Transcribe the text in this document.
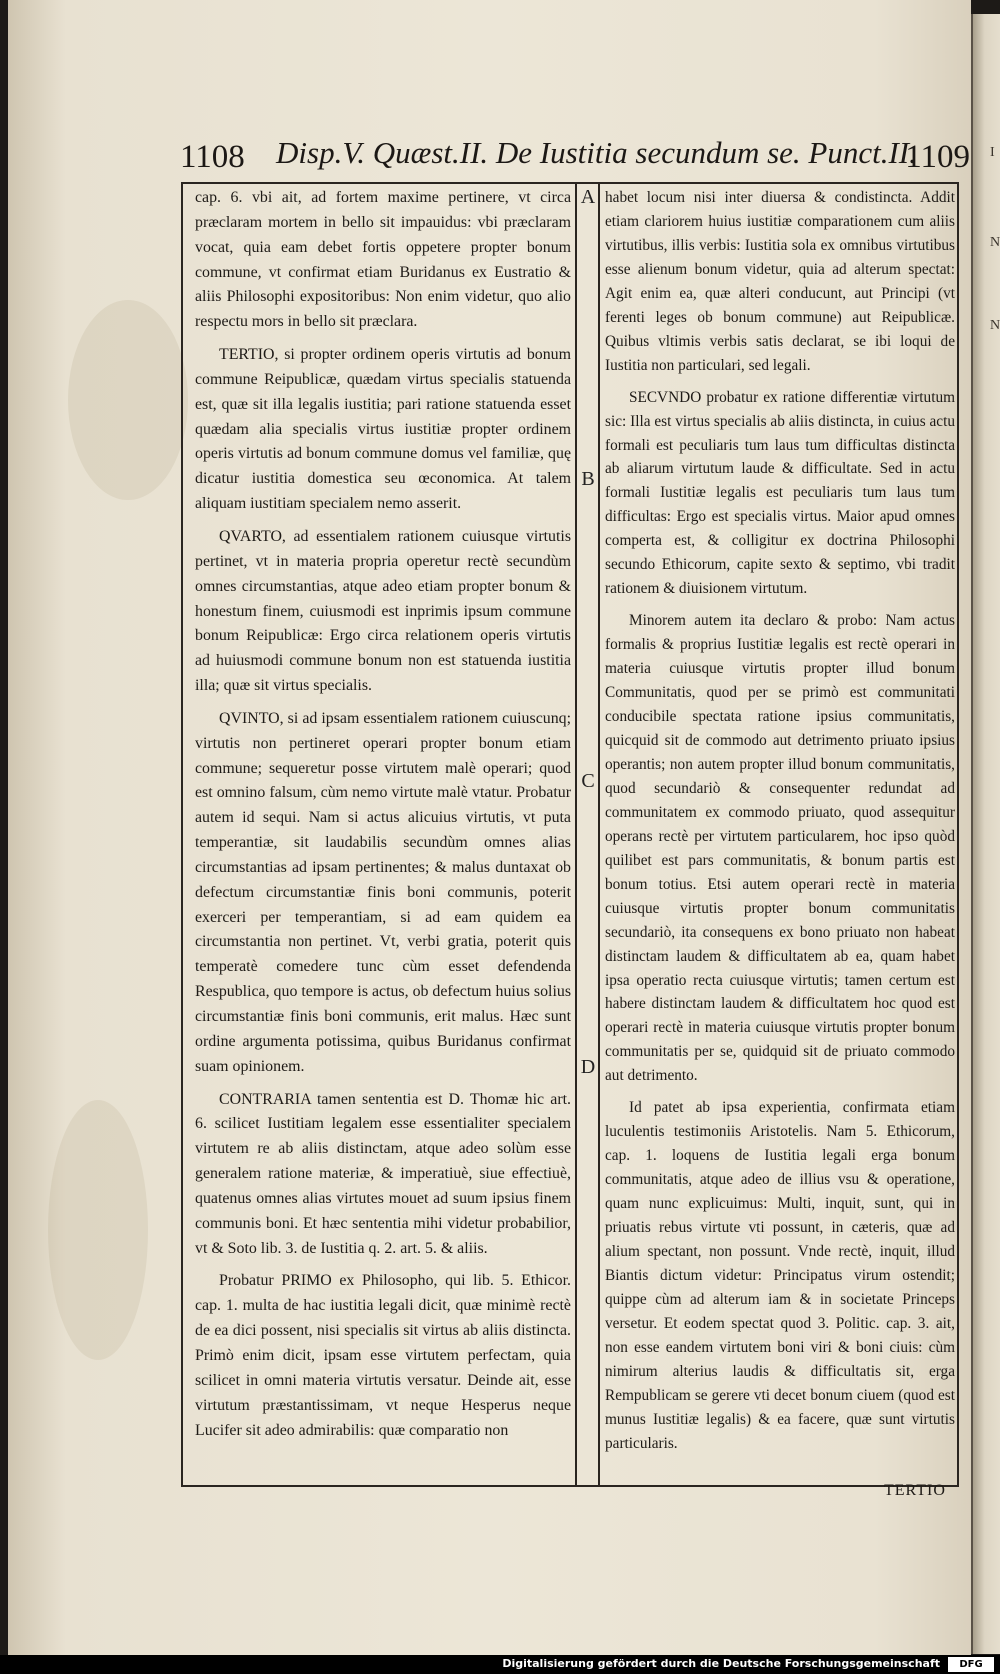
I
N
N
1108 Disp.V. Quæst.II. De Iustitia secundum se. Punct.II.
1109
A
B
C
D

cap. 6. vbi ait, ad fortem maxime pertinere, vt circa præclaram mortem in bello sit impauidus: vbi præclaram vocat, quia eam debet fortis oppetere propter bonum commune, vt confirmat etiam Buridanus ex Eustratio & aliis Philosophi expositoribus: Non enim videtur, quo alio respectu mors in bello sit præclara.

TERTIO, si propter ordinem operis virtutis ad bonum commune Reipublicæ, quædam virtus specialis statuenda est, quæ sit illa legalis iustitia; pari ratione statuenda esset quædam alia specialis virtus iustitiæ propter ordinem operis virtutis ad bonum commune domus vel familiæ, quę dicatur iustitia domestica seu œconomica. At talem aliquam iustitiam specialem nemo asserit.

QVARTO, ad essentialem rationem cuiusque virtutis pertinet, vt in materia propria operetur rectè secundùm omnes circumstantias, atque adeo etiam propter bonum & honestum finem, cuiusmodi est inprimis ipsum commune bonum Reipublicæ: Ergo circa relationem operis virtutis ad huiusmodi commune bonum non est statuenda iustitia illa; quæ sit virtus specialis.

QVINTO, si ad ipsam essentialem rationem cuiuscunq; virtutis non pertineret operari propter bonum etiam commune; sequeretur posse virtutem malè operari; quod est omnino falsum, cùm nemo virtute malè vtatur. Probatur autem id sequi. Nam si actus alicuius virtutis, vt puta temperantiæ, sit laudabilis secundùm omnes alias circumstantias ad ipsam pertinentes; & malus duntaxat ob defectum circumstantiæ finis boni communis, poterit exerceri per temperantiam, si ad eam quidem ea circumstantia non pertinet. Vt, verbi gratia, poterit quis temperatè comedere tunc cùm esset defendenda Respublica, quo tempore is actus, ob defectum huius solius circumstantiæ finis boni communis, erit malus. Hæc sunt ordine argumenta potissima, quibus Buridanus confirmat suam opinionem.

CONTRARIA tamen sententia est D. Thomæ hic art. 6. scilicet Iustitiam legalem esse essentialiter specialem virtutem re ab aliis distinctam, atque adeo solùm esse generalem ratione materiæ, & imperatiuè, siue effectiuè, quatenus omnes alias virtutes mouet ad suum ipsius finem communis boni. Et hæc sententia mihi videtur probabilior, vt & Soto lib. 3. de Iustitia q. 2. art. 5. & aliis.

Probatur PRIMO ex Philosopho, qui lib. 5. Ethicor. cap. 1. multa de hac iustitia legali dicit, quæ minimè rectè de ea dici possent, nisi specialis sit virtus ab aliis distincta. Primò enim dicit, ipsam esse virtutem perfectam, quia scilicet in omni materia virtutis versatur. Deinde ait, esse virtutum præstantissimam, vt neque Hesperus neque Lucifer sit adeo admirabilis: quæ comparatio non

habet locum nisi inter diuersa & condistincta. Addit etiam clariorem huius iustitiæ comparationem cum aliis virtutibus, illis verbis: Iustitia sola ex omnibus virtutibus esse alienum bonum videtur, quia ad alterum spectat: Agit enim ea, quæ alteri conducunt, aut Principi (vt ferenti leges ob bonum commune) aut Reipublicæ. Quibus vltimis verbis satis declarat, se ibi loqui de Iustitia non particulari, sed legali.

SECVNDO probatur ex ratione differentiæ virtutum sic: Illa est virtus specialis ab aliis distincta, in cuius actu formali est peculiaris tum laus tum difficultas distincta ab aliarum virtutum laude & difficultate. Sed in actu formali Iustitiæ legalis est peculiaris tum laus tum difficultas: Ergo est specialis virtus. Maior apud omnes comperta est, & colligitur ex doctrina Philosophi secundo Ethicorum, capite sexto & septimo, vbi tradit rationem & diuisionem virtutum.

Minorem autem ita declaro & probo: Nam actus formalis & proprius Iustitiæ legalis est rectè operari in materia cuiusque virtutis propter illud bonum Communitatis, quod per se primò est communitati conducibile spectata ratione ipsius communitatis, quicquid sit de commodo aut detrimento priuato ipsius operantis; non autem propter illud bonum communitatis, quod secundariò & consequenter redundat ad communitatem ex commodo priuato, quod assequitur operans rectè per virtutem particularem, hoc ipso quòd quilibet est pars communitatis, & bonum partis est bonum totius. Etsi autem operari rectè in materia cuiusque virtutis propter bonum communitatis secundariò, ita consequens ex bono priuato non habeat distinctam laudem & difficultatem ab ea, quam habet ipsa operatio recta cuiusque virtutis; tamen certum est habere distinctam laudem & difficultatem hoc quod est operari rectè in materia cuiusque virtutis propter bonum communitatis per se, quidquid sit de priuato commodo aut detrimento.

Id patet ab ipsa experientia, confirmata etiam luculentis testimoniis Aristotelis. Nam 5. Ethicorum, cap. 1. loquens de Iustitia legali erga bonum communitatis, atque adeo de illius vsu & operatione, quam nunc explicuimus: Multi, inquit, sunt, qui in priuatis rebus virtute vti possunt, in cæteris, quæ ad alium spectant, non possunt. Vnde rectè, inquit, illud Biantis dictum videtur: Principatus virum ostendit; quippe cùm ad alterum iam & in societate Princeps versetur. Et eodem spectat quod 3. Politic. cap. 3. ait, non esse eandem virtutem boni viri & boni ciuis: cùm nimirum alterius laudis & difficultatis sit, erga Rempublicam se gerere vti decet bonum ciuem (quod est munus Iustitiæ legalis) & ea facere, quæ sunt virtutis particularis.

TERTIO
Digitalisierung gefördert durch die Deutsche Forschungsgemeinschaft	DFG
